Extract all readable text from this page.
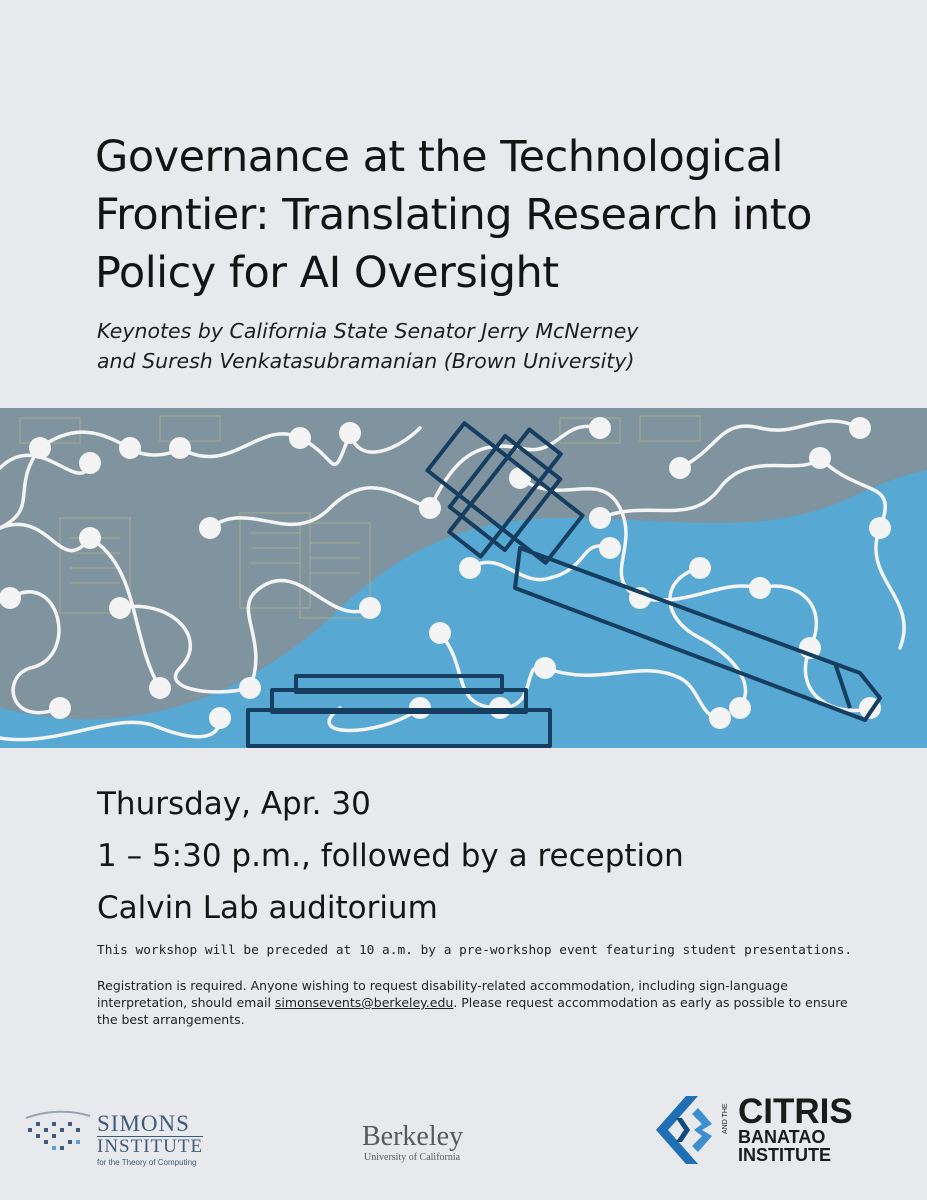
Governance at the Technological Frontier: Translating Research into Policy for AI Oversight

Keynotes by California State Senator Jerry McNerney
and Suresh Venkatasubramanian (Brown University)

Thursday, Apr. 30
1 – 5:30 p.m., followed by a reception
Calvin Lab auditorium

This workshop will be preceded at 10 a.m. by a pre-workshop event featuring student presentations.

Registration is required. Anyone wishing to request disability-related accommodation, including sign-language interpretation, should email simonsevents@berkeley.edu. Please request accommodation as early as possible to ensure the best arrangements.

SIMONS
INSTITUTE
for the Theory of Computing
Berkeley
University of California
CITRIS
AND THE
BANATAO
INSTITUTE
